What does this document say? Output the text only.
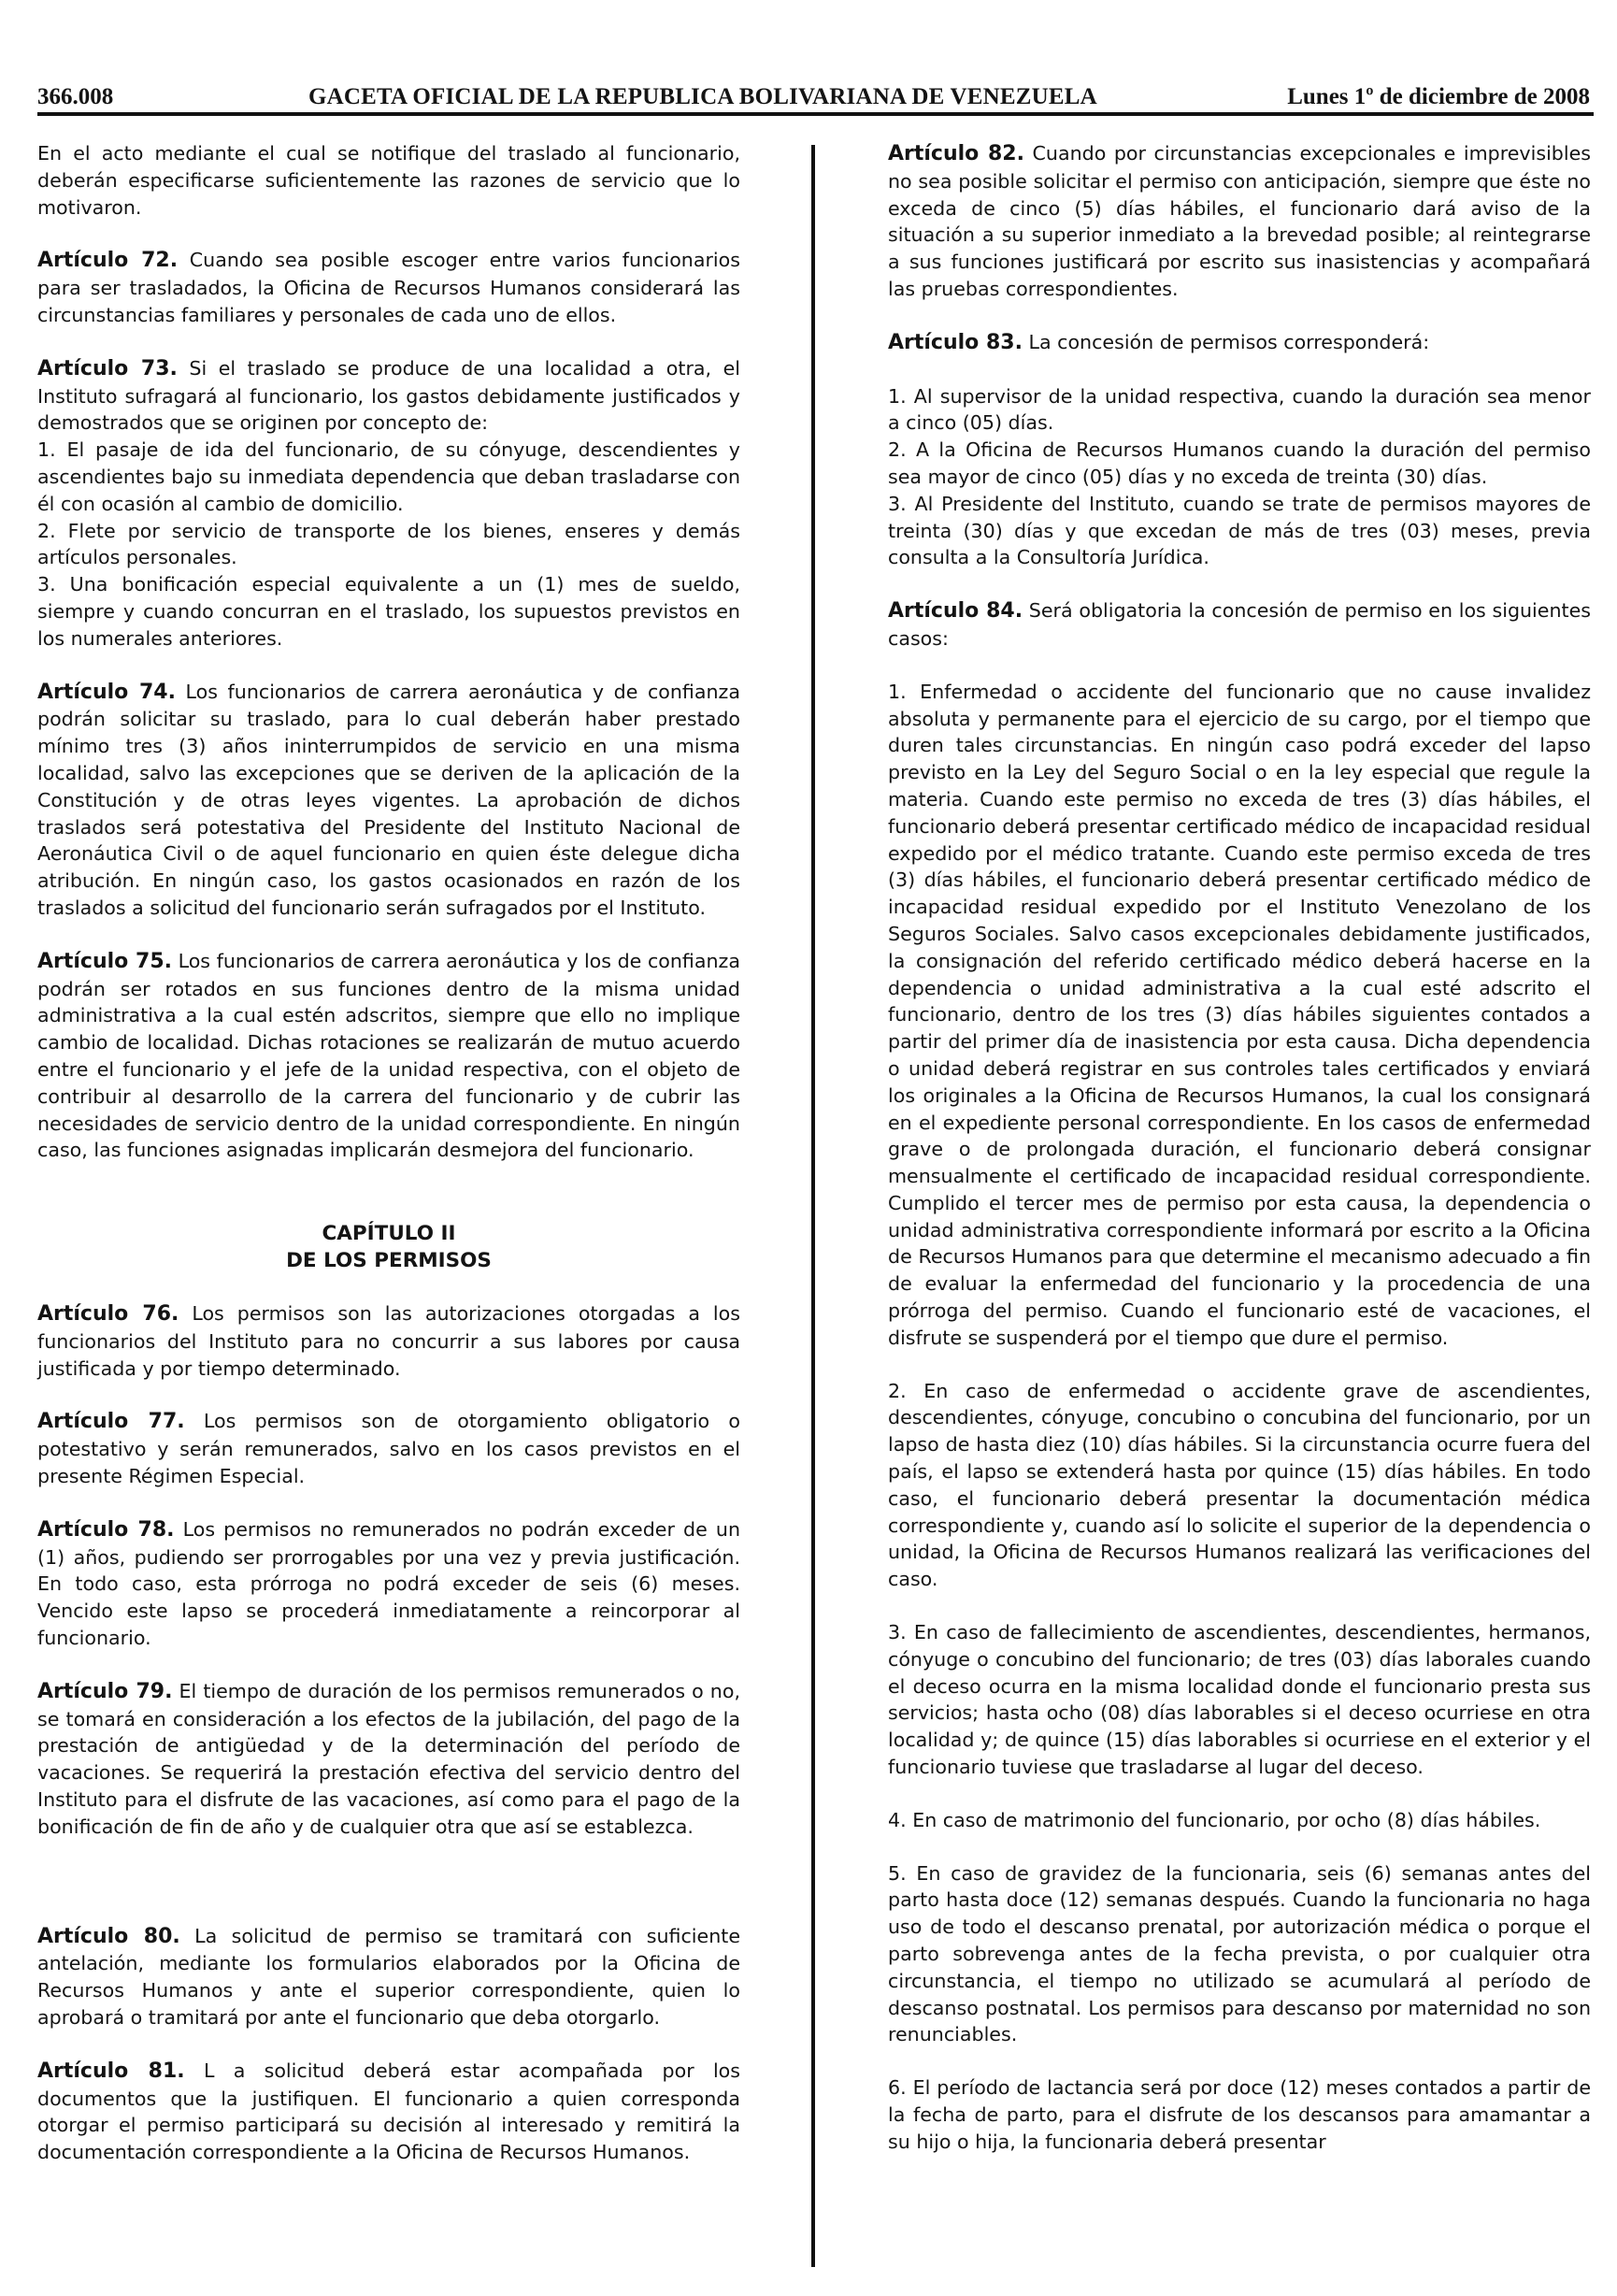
366.008	GACETA OFICIAL DE LA REPUBLICA BOLIVARIANA DE VENEZUELA	Lunes 1º de diciembre de 2008

En el acto mediante el cual se notifique del traslado al funcionario, deberán especificarse suficientemente las razones de servicio que lo motivaron.

Artículo 72. Cuando sea posible escoger entre varios funcionarios para ser trasladados, la Oficina de Recursos Humanos considerará las circunstancias familiares y personales de cada uno de ellos.

Artículo 73. Si el traslado se produce de una localidad a otra, el Instituto sufragará al funcionario, los gastos debidamente justificados y demostrados que se originen por concepto de:

1. El pasaje de ida del funcionario, de su cónyuge, descendientes y ascendientes bajo su inmediata dependencia que deban trasladarse con él con ocasión al cambio de domicilio.

2. Flete por servicio de transporte de los bienes, enseres y demás artículos personales.

3. Una bonificación especial equivalente a un (1) mes de sueldo, siempre y cuando concurran en el traslado, los supuestos previstos en los numerales anteriores.

Artículo 74. Los funcionarios de carrera aeronáutica y de confianza podrán solicitar su traslado, para lo cual deberán haber prestado mínimo tres (3) años ininterrumpidos de servicio en una misma localidad, salvo las excepciones que se deriven de la aplicación de la Constitución y de otras leyes vigentes. La aprobación de dichos traslados será potestativa del Presidente del Instituto Nacional de Aeronáutica Civil o de aquel funcionario en quien éste delegue dicha atribución. En ningún caso, los gastos ocasionados en razón de los traslados a solicitud del funcionario serán sufragados por el Instituto.

Artículo 75. Los funcionarios de carrera aeronáutica y los de confianza podrán ser rotados en sus funciones dentro de la misma unidad administrativa a la cual estén adscritos, siempre que ello no implique cambio de localidad. Dichas rotaciones se realizarán de mutuo acuerdo entre el funcionario y el jefe de la unidad respectiva, con el objeto de contribuir al desarrollo de la carrera del funcionario y de cubrir las necesidades de servicio dentro de la unidad correspondiente. En ningún caso, las funciones asignadas implicarán desmejora del funcionario.

CAPÍTULO II
DE LOS PERMISOS

Artículo 76. Los permisos son las autorizaciones otorgadas a los funcionarios del Instituto para no concurrir a sus labores por causa justificada y por tiempo determinado.

Artículo 77. Los permisos son de otorgamiento obligatorio o potestativo y serán remunerados, salvo en los casos previstos en el presente Régimen Especial.

Artículo 78. Los permisos no remunerados no podrán exceder de un (1) años, pudiendo ser prorrogables por una vez y previa justificación. En todo caso, esta prórroga no podrá exceder de seis (6) meses. Vencido este lapso se procederá inmediatamente a reincorporar al funcionario.

Artículo 79. El tiempo de duración de los permisos remunerados o no, se tomará en consideración a los efectos de la jubilación, del pago de la prestación de antigüedad y de la determinación del período de vacaciones. Se requerirá la prestación efectiva del servicio dentro del Instituto para el disfrute de las vacaciones, así como para el pago de la bonificación de fin de año y de cualquier otra que así se establezca.

Artículo 80. La solicitud de permiso se tramitará con suficiente antelación, mediante los formularios elaborados por la Oficina de Recursos Humanos y ante el superior correspondiente, quien lo aprobará o tramitará por ante el funcionario que deba otorgarlo.

Artículo 81. L a solicitud deberá estar acompañada por los documentos que la justifiquen. El funcionario a quien corresponda otorgar el permiso participará su decisión al interesado y remitirá la documentación correspondiente a la Oficina de Recursos Humanos.

Artículo 82. Cuando por circunstancias excepcionales e imprevisibles no sea posible solicitar el permiso con anticipación, siempre que éste no exceda de cinco (5) días hábiles, el funcionario dará aviso de la situación a su superior inmediato a la brevedad posible; al reintegrarse a sus funciones justificará por escrito sus inasistencias y acompañará las pruebas correspondientes.

Artículo 83. La concesión de permisos corresponderá:

1. Al supervisor de la unidad respectiva, cuando la duración sea menor a cinco (05) días.

2. A la Oficina de Recursos Humanos cuando la duración del permiso sea mayor de cinco (05) días y no exceda de treinta (30) días.

3. Al Presidente del Instituto, cuando se trate de permisos mayores de treinta (30) días y que excedan de más de tres (03) meses, previa consulta a la Consultoría Jurídica.

Artículo 84. Será obligatoria la concesión de permiso en los siguientes casos:

1. Enfermedad o accidente del funcionario que no cause invalidez absoluta y permanente para el ejercicio de su cargo, por el tiempo que duren tales circunstancias. En ningún caso podrá exceder del lapso previsto en la Ley del Seguro Social o en la ley especial que regule la materia. Cuando este permiso no exceda de tres (3) días hábiles, el funcionario deberá presentar certificado médico de incapacidad residual expedido por el médico tratante. Cuando este permiso exceda de tres (3) días hábiles, el funcionario deberá presentar certificado médico de incapacidad residual expedido por el Instituto Venezolano de los Seguros Sociales. Salvo casos excepcionales debidamente justificados, la consignación del referido certificado médico deberá hacerse en la dependencia o unidad administrativa a la cual esté adscrito el funcionario, dentro de los tres (3) días hábiles siguientes contados a partir del primer día de inasistencia por esta causa. Dicha dependencia o unidad deberá registrar en sus controles tales certificados y enviará los originales a la Oficina de Recursos Humanos, la cual los consignará en el expediente personal correspondiente. En los casos de enfermedad grave o de prolongada duración, el funcionario deberá consignar mensualmente el certificado de incapacidad residual correspondiente. Cumplido el tercer mes de permiso por esta causa, la dependencia o unidad administrativa correspondiente informará por escrito a la Oficina de Recursos Humanos para que determine el mecanismo adecuado a fin de evaluar la enfermedad del funcionario y la procedencia de una prórroga del permiso. Cuando el funcionario esté de vacaciones, el disfrute se suspenderá por el tiempo que dure el permiso.

2. En caso de enfermedad o accidente grave de ascendientes, descendientes, cónyuge, concubino o concubina del funcionario, por un lapso de hasta diez (10) días hábiles. Si la circunstancia ocurre fuera del país, el lapso se extenderá hasta por quince (15) días hábiles. En todo caso, el funcionario deberá presentar la documentación médica correspondiente y, cuando así lo solicite el superior de la dependencia o unidad, la Oficina de Recursos Humanos realizará las verificaciones del caso.

3. En caso de fallecimiento de ascendientes, descendientes, hermanos, cónyuge o concubino del funcionario; de tres (03) días laborales cuando el deceso ocurra en la misma localidad donde el funcionario presta sus servicios; hasta ocho (08) días laborables si el deceso ocurriese en otra localidad y; de quince (15) días laborables si ocurriese en el exterior y el funcionario tuviese que trasladarse al lugar del deceso.

4. En caso de matrimonio del funcionario, por ocho (8) días hábiles.

5. En caso de gravidez de la funcionaria, seis (6) semanas antes del parto hasta doce (12) semanas después. Cuando la funcionaria no haga uso de todo el descanso prenatal, por autorización médica o porque el parto sobrevenga antes de la fecha prevista, o por cualquier otra circunstancia, el tiempo no utilizado se acumulará al período de descanso postnatal. Los permisos para descanso por maternidad no son renunciables.

6. El período de lactancia será por doce (12) meses contados a partir de la fecha de parto, para el disfrute de los descansos para amamantar a su hijo o hija, la funcionaria deberá presentar
